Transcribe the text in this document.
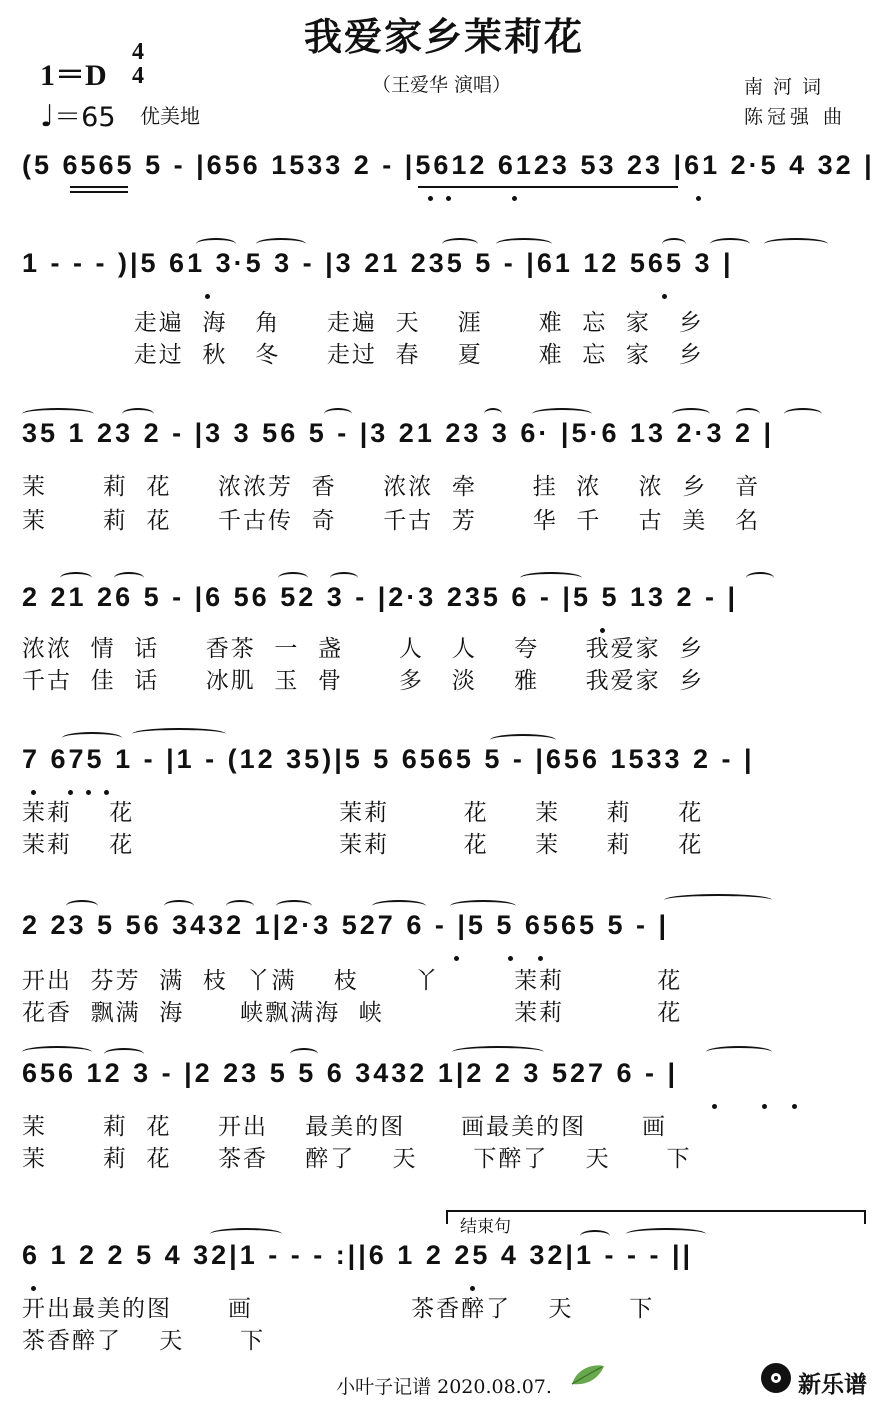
我爱家乡茉莉花
1＝D
4
4
♩＝65 优美地
（王爱华 演唱）	南河词
陈冠强 曲
(5 6565 5 - |656 1533 2 - |5612 6123 53 23 |61 2·5 4 32 |
1 - - - )|5 61 3·5 3 - |3 21 235 5 - |61 12 565 3 |
走遍  海   角     走遍  天    涯      难  忘  家   乡
走过  秋   冬     走过  春    夏      难  忘  家   乡
35 1 23 2 - |3 3 56 5 - |3 21 23 3 6· |5·6 13 2·3 2 |
茉      莉  花     浓浓芳  香     浓浓  牵      挂  浓    浓  乡   音
茉      莉  花     千古传  奇     千古  芳      华  千    古  美   名
2 21 26 5 - |6 56 52 3 - |2·3 235 6 - |5 5 13 2 - |
浓浓  情  话     香茶  一  盏      人   人    夸     我爱家  乡
千古  佳  话     冰肌  玉  骨      多   淡    雅     我爱家  乡
7 675 1 - |1 - (12 35)|5 5 6565 5 - |656 1533 2 - |
茉莉    花                      茉莉        花     茉     莉     花
茉莉    花                      茉莉        花     茉     莉     花
2 23 5 56 3432 1|2·3 527 6 - |5 5 6565 5 - |
开出  芬芳  满  枝  丫满    枝      丫        茉莉          花
花香  飘满  海      峡飘满海  峡              茉莉          花
656 12 3 - |2 23 5 5 6 3432 1|2 2 3 527 6 - |
茉      莉  花     开出    最美的图      画最美的图      画
茉      莉  花     茶香    醉了    天      下醉了    天      下
结束句
6 1 2 2 5 4 32|1 - - - :||6 1 2 25 4 32|1 - - - ||
开出最美的图      画                 茶香醉了    天      下
茶香醉了    天      下
小叶子记谱 2020.08.07.	新乐谱
